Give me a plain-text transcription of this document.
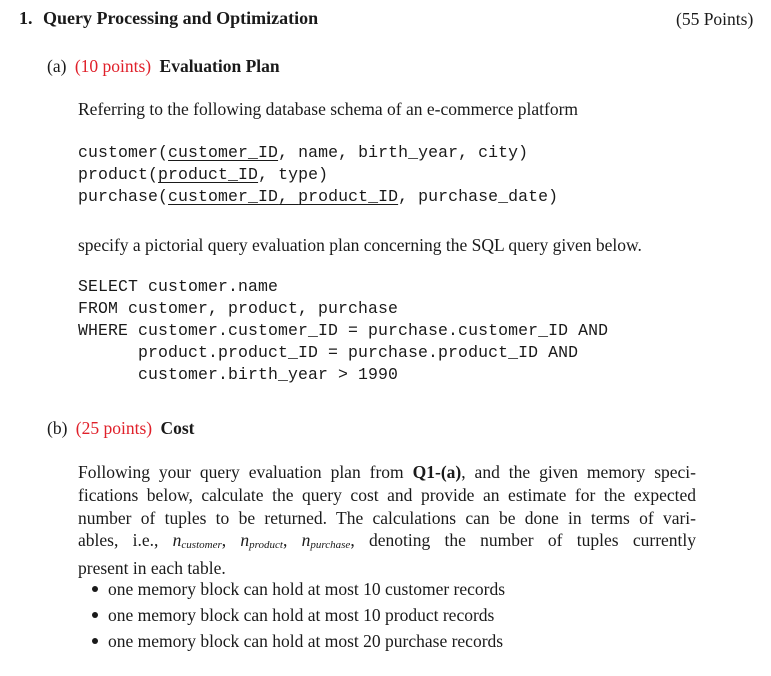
1. Query Processing and Optimization	(55 Points)
(a) (10 points) Evaluation Plan
Referring to the following database schema of an e-commerce platform
customer(customer_ID, name, birth_year, city)
product(product_ID, type)
purchase(customer_ID, product_ID, purchase_date)
specify a pictorial query evaluation plan concerning the SQL query given below.
SELECT customer.name
FROM customer, product, purchase
WHERE customer.customer_ID = purchase.customer_ID AND
product.product_ID = purchase.product_ID AND
customer.birth_year > 1990
(b) (25 points) Cost
Following your query evaluation plan from Q1-(a), and the given memory speci-
fications below, calculate the query cost and provide an estimate for the expected
number of tuples to be returned. The calculations can be done in terms of vari-
ables, i.e., $n_{customer}$, $n_{product}$, $n_{purchase}$, denoting the number of tuples currently
present in each table.
one memory block can hold at most 10 customer records
one memory block can hold at most 10 product records
one memory block can hold at most 20 purchase records
